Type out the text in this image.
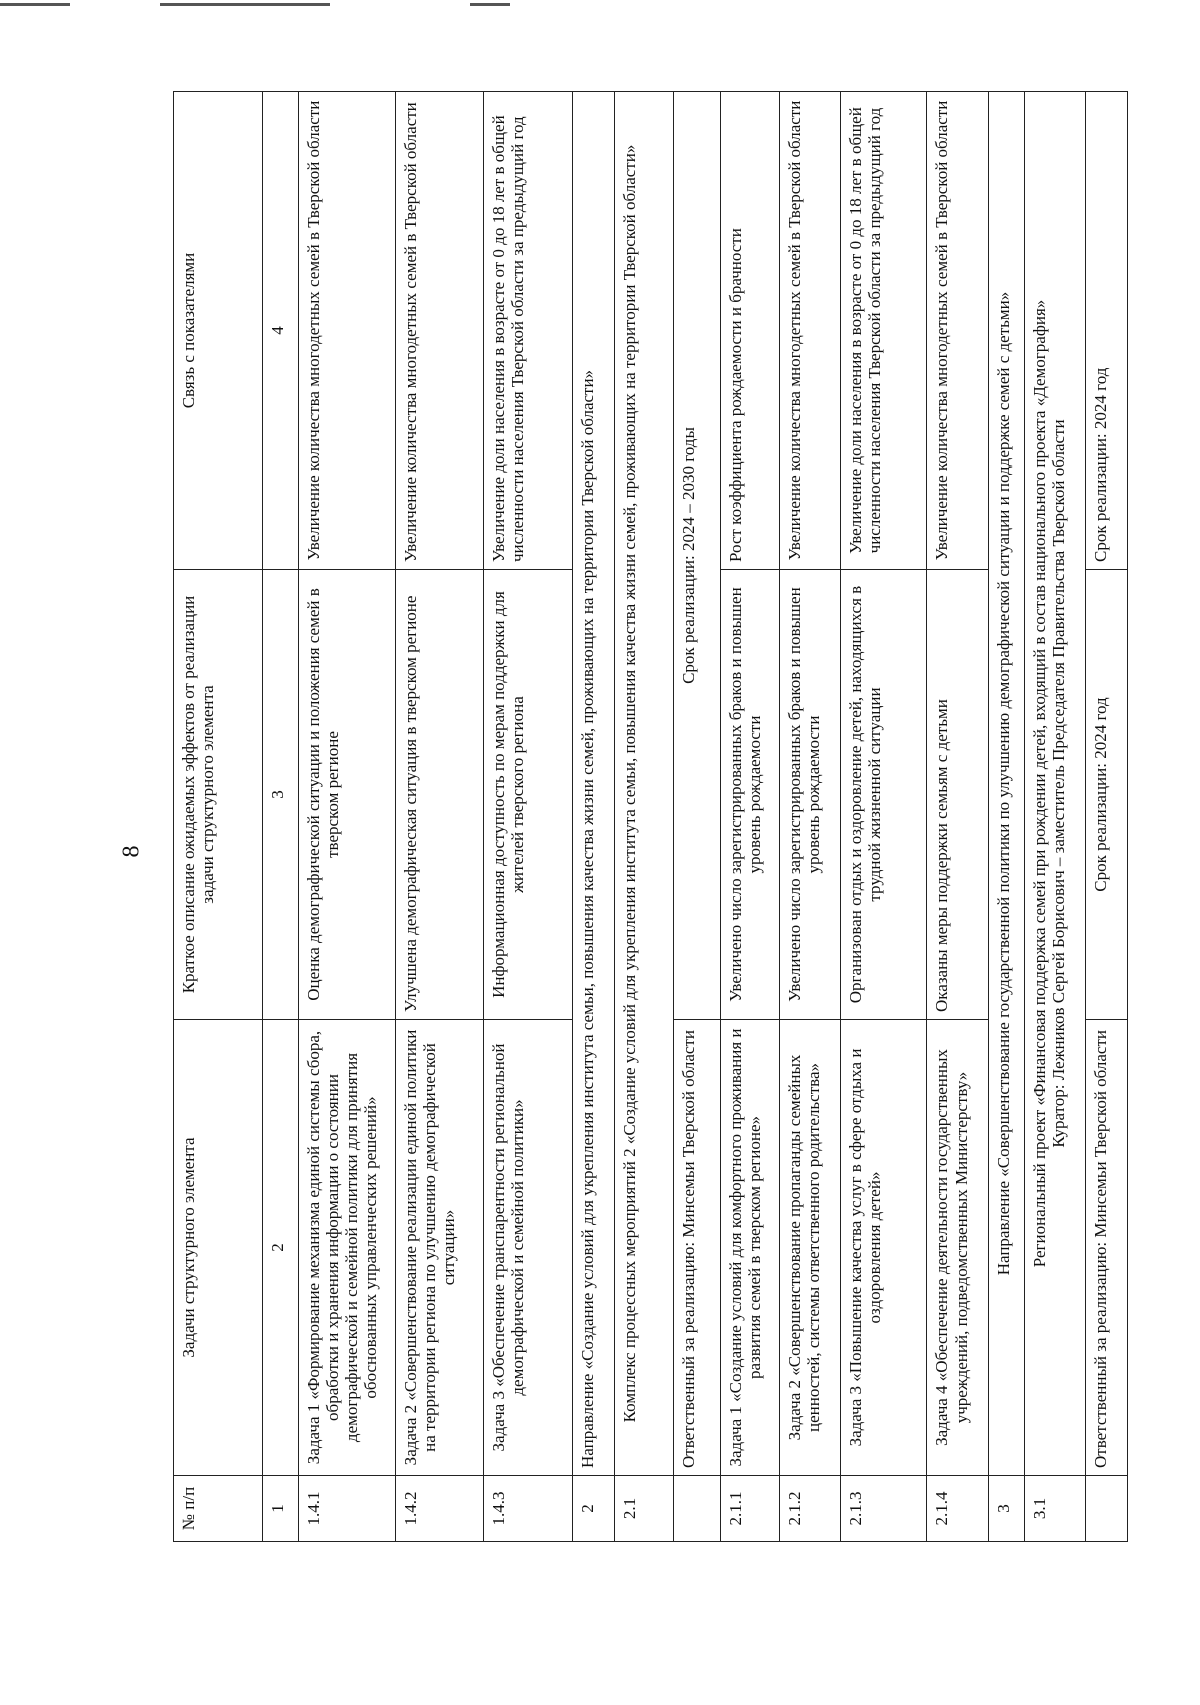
8
№ п/п	Задачи структурного элемента	Краткое описание ожидаемых эффектов от реализации задачи структурного элемента	Связь с показателями
1	2	3	4
1.4.1	Задача 1 «Формирование механизма единой системы сбора, обработки и хранения информации о состоянии демографической и семейной политики для принятия обоснованных управленческих решений»	Оценка демографической ситуации и положения семей в тверском регионе	Увеличение количества многодетных семей в Тверской области
1.4.2	Задача 2 «Совершенствование реализации единой политики на территории региона по улучшению демографической ситуации»	Улучшена демографическая ситуация в тверском регионе	Увеличение количества многодетных семей в Тверской области
1.4.3	Задача 3 «Обеспечение транспарентности региональной демографической и семейной политики»	Информационная доступность по мерам поддержки для жителей тверского региона	Увеличение доли населения в возрасте от 0 до 18 лет в общей численности населения Тверской области за предыдущий год
2	Направление «Создание условий для укрепления института семьи, повышения качества жизни семей, проживающих на территории Тверской области»		
2.1	Комплекс процессных мероприятий 2 «Создание условий для укрепления института семьи, повышения качества жизни семей, проживающих на территории Тверской области»		
	Ответственный за реализацию: Минсемьи Тверской области	Срок реализации: 2024 – 2030 годы	
2.1.1	Задача 1 «Создание условий для комфортного проживания и развития семей в тверском регионе»	Увеличено число зарегистрированных браков и повышен уровень рождаемости	Рост коэффициента рождаемости и брачности
2.1.2	Задача 2 «Совершенствование пропаганды семейных ценностей, системы ответственного родительства»	Увеличено число зарегистрированных браков и повышен уровень рождаемости	Увеличение количества многодетных семей в Тверской области
2.1.3	Задача 3 «Повышение качества услуг в сфере отдыха и оздоровления детей»	Организован отдых и оздоровление детей, находящихся в трудной жизненной ситуации	Увеличение доли населения в возрасте от 0 до 18 лет в общей численности населения Тверской области за предыдущий год
2.1.4	Задача 4 «Обеспечение деятельности государственных учреждений, подведомственных Министерству»	Оказаны меры поддержки семьям с детьми	Увеличение количества многодетных семей в Тверской области
3	Направление «Совершенствование государственной политики по улучшению демографической ситуации и поддержке семей с детьми»		
3.1	Региональный проект «Финансовая поддержка семей при рождении детей, входящий в состав национального проекта «Демография» Куратор: Лежников Сергей Борисович – заместитель Председателя Правительства Тверской области		

	Ответственный за реализацию: Минсемьи Тверской области	Срок реализации: 2024 год	Срок реализации: 2024 год
